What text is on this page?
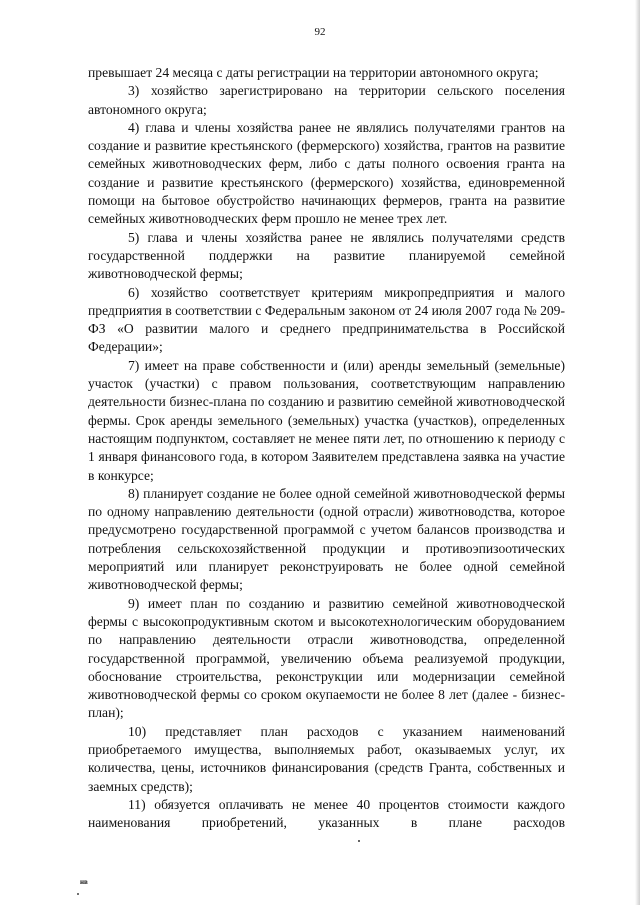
92

превышает 24 месяца с даты регистрации на территории автономного округа;

3) хозяйство зарегистрировано на территории сельского поселения автономного округа;

4) глава и члены хозяйства ранее не являлись получателями грантов на создание и развитие крестьянского (фермерского) хозяйства, грантов на развитие семейных животноводческих ферм, либо с даты полного освоения гранта на создание и развитие крестьянского (фермерского) хозяйства, единовременной помощи на бытовое обустройство начинающих фермеров, гранта на развитие семейных животноводческих ферм прошло не менее трех лет.

5) глава и члены хозяйства ранее не являлись получателями средств государственной поддержки на развитие планируемой семейной животноводческой фермы;

6) хозяйство соответствует критериям микропредприятия и малого предприятия в соответствии с Федеральным законом от 24 июля 2007 года № 209-ФЗ «О развитии малого и среднего предпринимательства в Российской Федерации»;

7) имеет на праве собственности и (или) аренды земельный (земельные) участок (участки) с правом пользования, соответствующим направлению деятельности бизнес-плана по созданию и развитию семейной животноводческой фермы. Срок аренды земельного (земельных) участка (участков), определенных настоящим подпунктом, составляет не менее пяти лет, по отношению к периоду с 1 января финансового года, в котором Заявителем представлена заявка на участие в конкурсе;

8) планирует создание не более одной семейной животноводческой фермы по одному направлению деятельности (одной отрасли) животноводства, которое предусмотрено государственной программой с учетом балансов производства и потребления сельскохозяйственной продукции и противоэпизоотических мероприятий или планирует реконструировать не более одной семейной животноводческой фермы;

9) имеет план по созданию и развитию семейной животноводческой фермы с высокопродуктивным скотом и высокотехнологическим оборудованием по направлению деятельности отрасли животноводства, определенной государственной программой, увеличению объема реализуемой продукции, обоснование строительства, реконструкции или модернизации семейной животноводческой фермы со сроком окупаемости не более 8 лет (далее - бизнес-план);

10) представляет план расходов с указанием наименований приобретаемого имущества, выполняемых работ, оказываемых услуг, их количества, цены, источников финансирования (средств Гранта, собственных и заемных средств);

11) обязуется оплачивать не менее 40 процентов стоимости каждого наименования приобретений, указанных в плане расходов

нв
